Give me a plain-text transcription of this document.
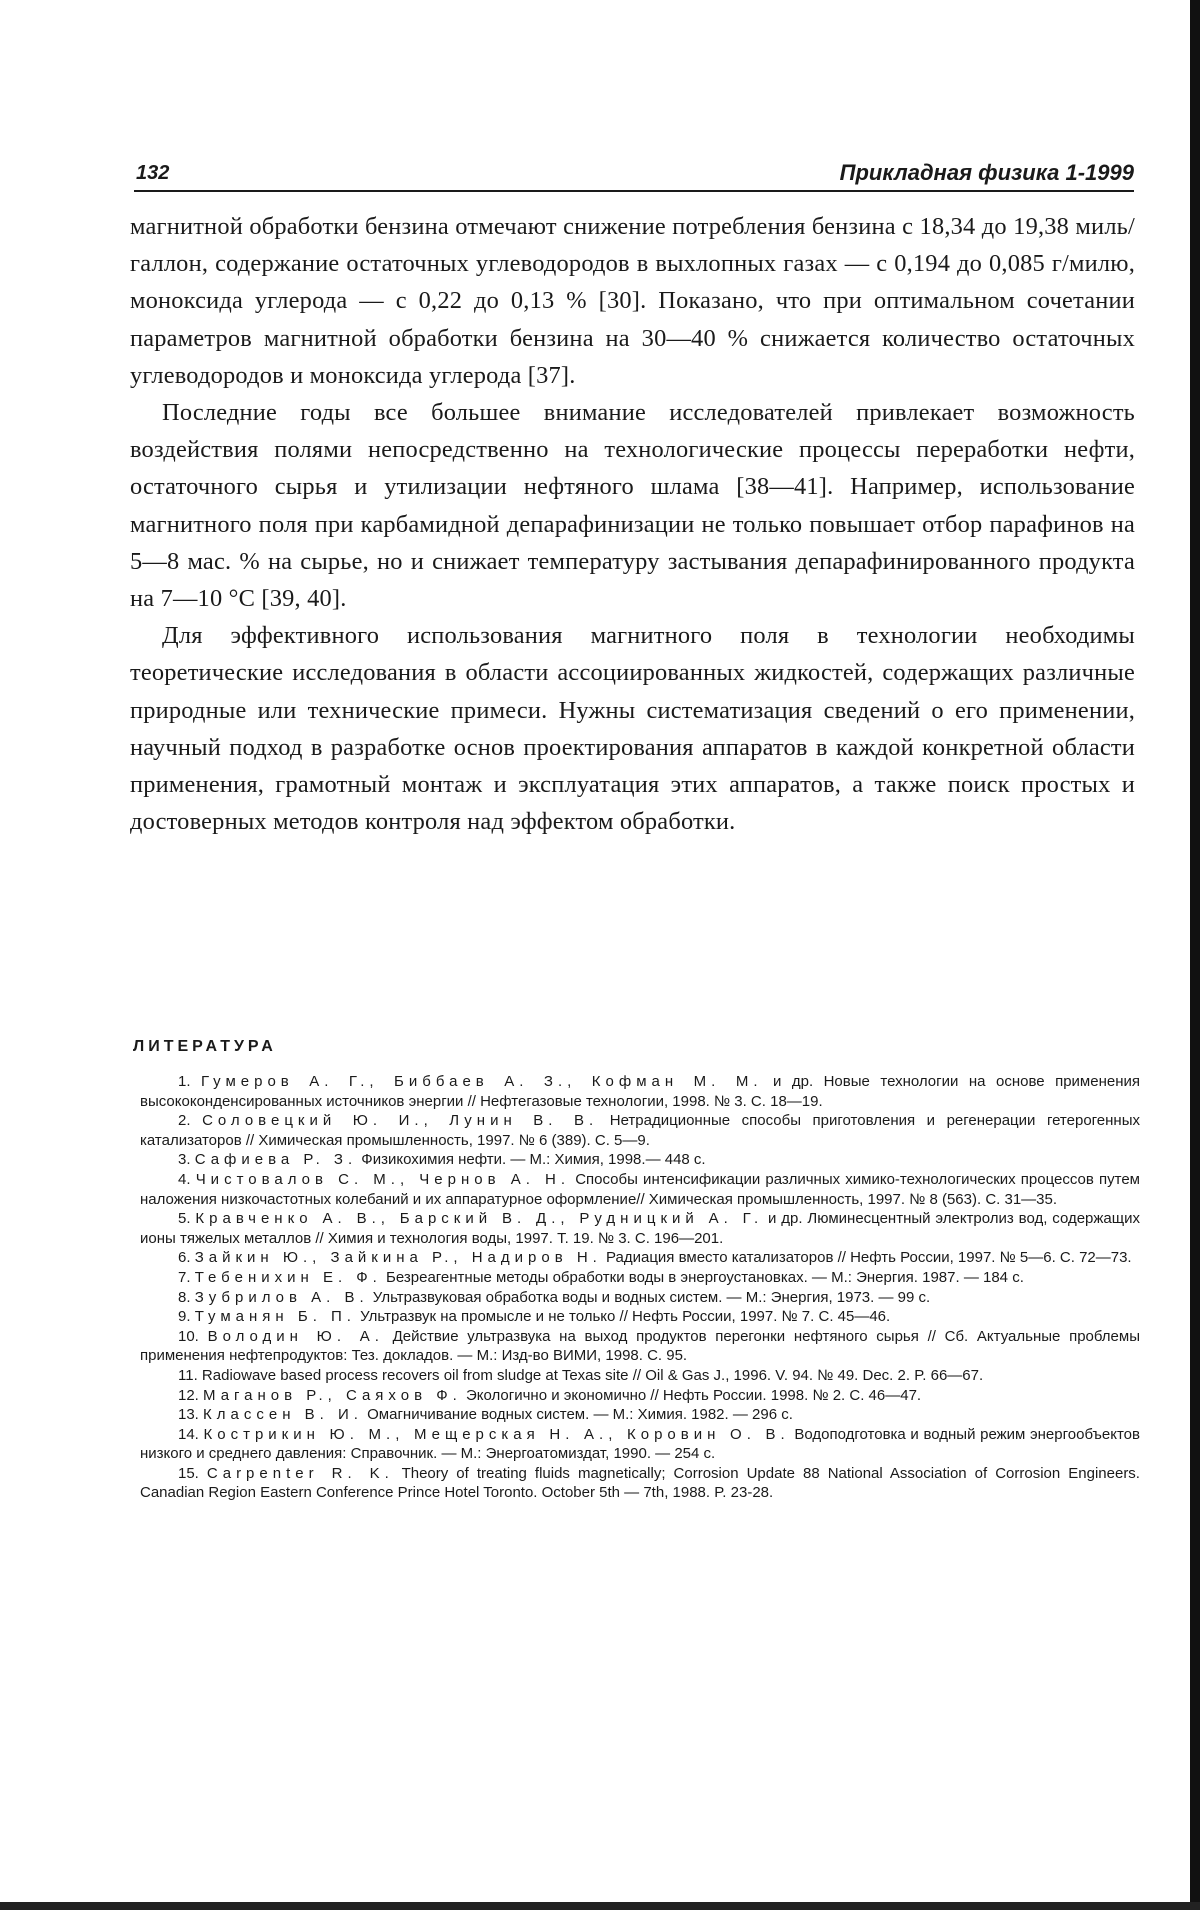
132	Прикладная физика 1-1999

магнитной обработки бензина отмечают снижение потребления бензина с 18,34 до 19,38 миль/галлон, содержание остаточных углеводородов в выхлопных газах — с 0,194 до 0,085 г/милю, моноксида углерода — с 0,22 до 0,13 % [30]. Показано, что при оптимальном сочетании параметров магнитной обработки бензина на 30—40 % снижается количество остаточных углеводородов и моноксида углерода [37].

Последние годы все большее внимание исследователей привлекает возможность воздействия полями непосредственно на технологические процессы переработки нефти, остаточного сырья и утилизации нефтяного шлама [38—41]. Например, использование магнитного поля при карбамидной депарафинизации не только повышает отбор парафинов на 5—8 мас. % на сырье, но и снижает температуру застывания депарафинированного продукта на 7—10 °С [39, 40].

Для эффективного использования магнитного поля в технологии необходимы теоретические исследования в области ассоциированных жидкостей, содержащих различные природные или технические примеси. Нужны систематизация сведений о его применении, научный подход в разработке основ проектирования аппаратов в каждой конкретной области применения, грамотный монтаж и эксплуатация этих аппаратов, а также поиск простых и достоверных методов контроля над эффектом обработки.

ЛИТЕРАТУРА

1. Гумеров А. Г., Биббаев А. З., Кофман М. М. и др. Новые технологии на основе применения высококонденсированных источников энергии // Нефтегазовые технологии, 1998. № 3. С. 18—19.

2. Соловецкий Ю. И., Лунин В. В. Нетрадиционные способы приготовления и регенерации гетерогенных катализаторов // Химическая промышленность, 1997. № 6 (389). С. 5—9.

3. Сафиева Р. З. Физикохимия нефти. — М.: Химия, 1998.— 448 с.

4. Чистовалов С. М., Чернов А. Н. Способы интенсификации различных химико-технологических процессов путем наложения низкочастотных колебаний и их аппаратурное оформление// Химическая промышленность, 1997. № 8 (563). С. 31—35.

5. Кравченко А. В., Барский В. Д., Рудницкий А. Г. и др. Люминесцентный электролиз вод, содержащих ионы тяжелых металлов // Химия и технология воды, 1997. Т. 19. № 3. С. 196—201.

6. Зайкин Ю., Зайкина Р., Надиров Н. Радиация вместо катализаторов // Нефть России, 1997. № 5—6. С. 72—73.

7. Тебенихин Е. Ф. Безреагентные методы обработки воды в энергоустановках. — М.: Энергия. 1987. — 184 с.

8. Зубрилов А. В. Ультразвуковая обработка воды и водных систем. — М.: Энергия, 1973. — 99 с.

9. Туманян Б. П. Ультразвук на промысле и не только // Нефть России, 1997. № 7. С. 45—46.

10. Володин Ю. А. Действие ультразвука на выход продуктов перегонки нефтяного сырья // Сб. Актуальные проблемы применения нефтепродуктов: Тез. докладов. — М.: Изд-во ВИМИ, 1998. С. 95.

11. Radiowave based process recovers oil from sludge at Texas site // Oil & Gas J., 1996. V. 94. № 49. Dec. 2. P. 66—67.

12. Маганов Р., Саяхов Ф. Экологично и экономично // Нефть России. 1998. № 2. С. 46—47.

13. Классен В. И. Омагничивание водных систем. — М.: Химия. 1982. — 296 с.

14. Кострикин Ю. М., Мещерская Н. А., Коровин О. В. Водоподготовка и водный режим энергообъектов низкого и среднего давления: Справочник. — М.: Энергоатомиздат, 1990. — 254 с.

15. Carpenter R. K. Theory of treating fluids magnetically; Corrosion Update 88 National Association of Corrosion Engineers. Canadian Region Eastern Conference Prince Hotel Toronto. October 5th — 7th, 1988. P. 23-28.
